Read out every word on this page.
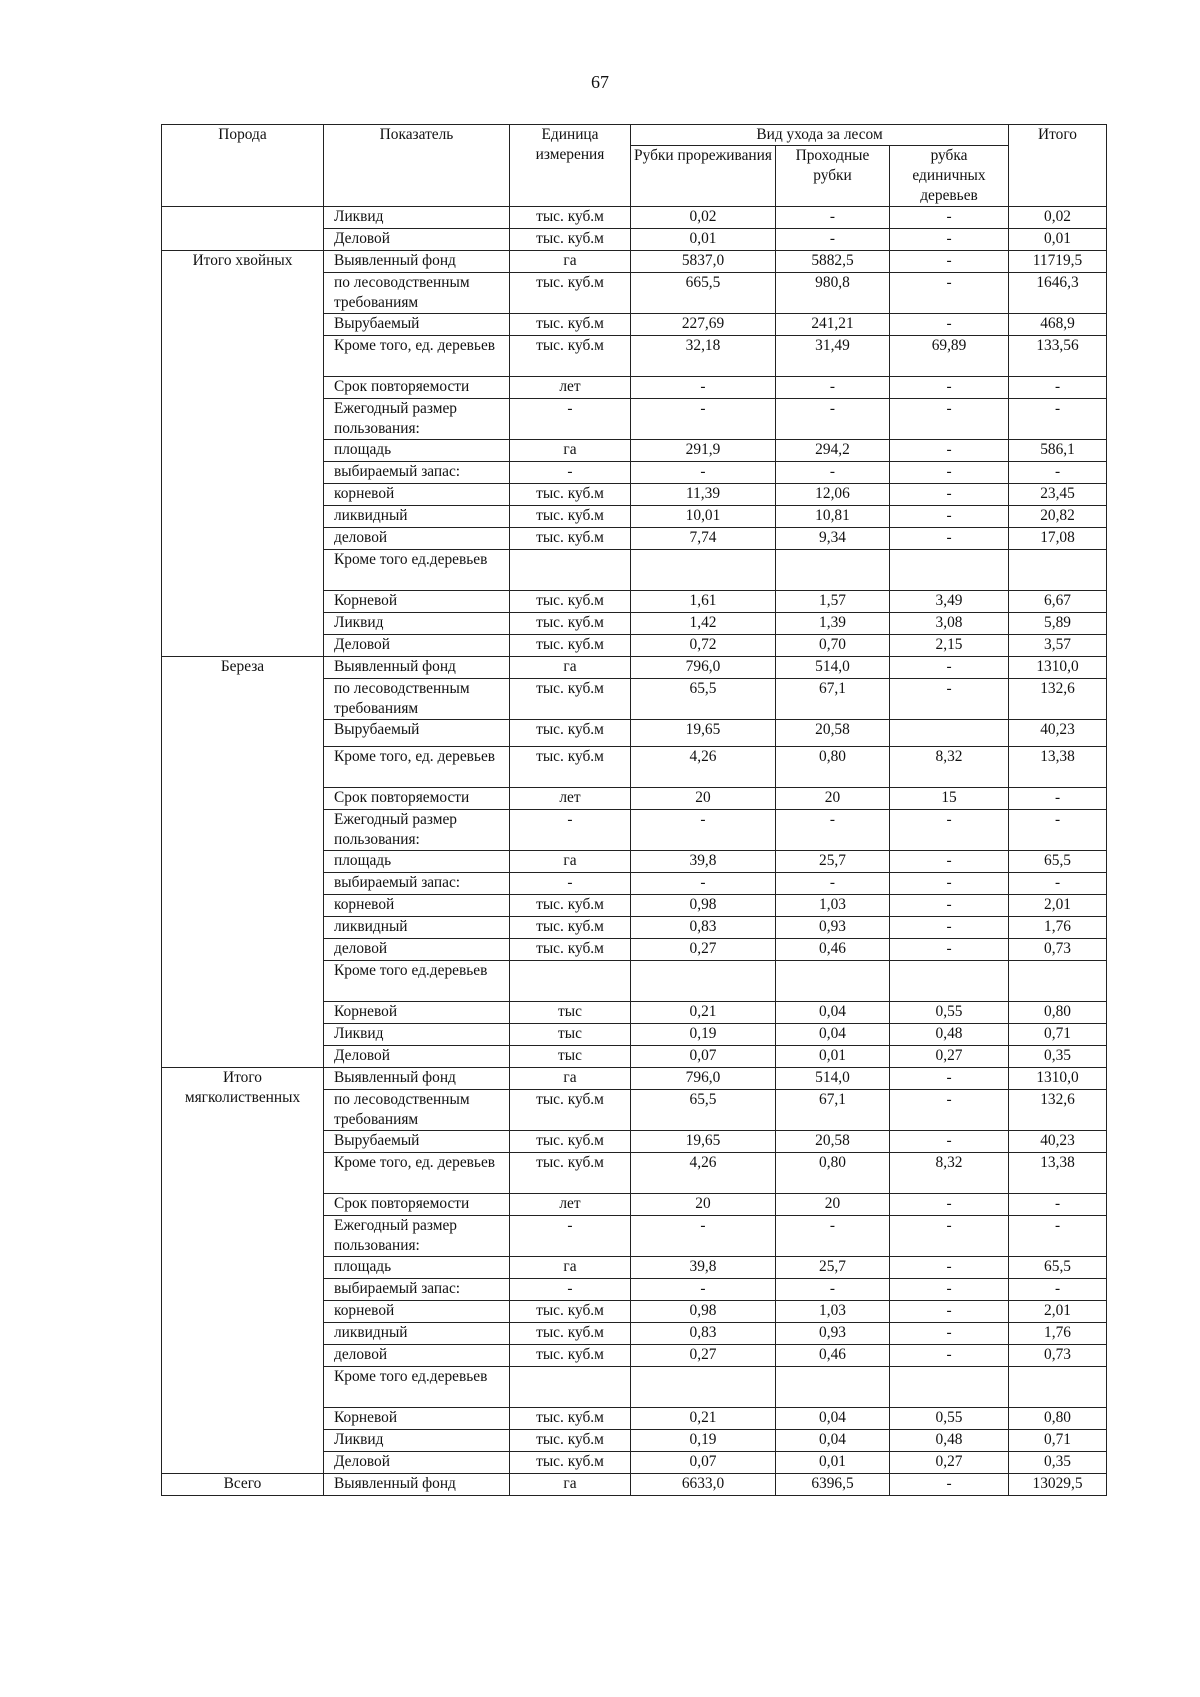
67
Порода	Показатель	Единица измерения	Вид ухода за лесом			Итого
			Рубки прореживания	Проходные рубки	рубка единичных деревьев	
	Ликвид	тыс. куб.м	0,02	-	-	0,02
	Деловой	тыс. куб.м	0,01	-	-	0,01
Итого хвойных	Выявленный фонд	га	5837,0	5882,5	-	11719,5
	по лесоводственным требованиям	тыс. куб.м	665,5	980,8	-	1646,3
	Вырубаемый	тыс. куб.м	227,69	241,21	-	468,9
	Кроме того, ед. деревьев	тыс. куб.м	32,18	31,49	69,89	133,56
	Срок повторяемости	лет	-	-	-	-
	Ежегодный размер пользования:	-	-	-	-	-
	площадь	га	291,9	294,2	-	586,1
	выбираемый запас:	-	-	-	-	-
	корневой	тыс. куб.м	11,39	12,06	-	23,45
	ликвидный	тыс. куб.м	10,01	10,81	-	20,82
	деловой	тыс. куб.м	7,74	9,34	-	17,08
	Кроме того ед.деревьев					
	Корневой	тыс. куб.м	1,61	1,57	3,49	6,67
	Ликвид	тыс. куб.м	1,42	1,39	3,08	5,89
	Деловой	тыс. куб.м	0,72	0,70	2,15	3,57
Береза	Выявленный фонд	га	796,0	514,0	-	1310,0
	по лесоводственным требованиям	тыс. куб.м	65,5	67,1	-	132,6
	Вырубаемый	тыс. куб.м	19,65	20,58		40,23
	Кроме того, ед. деревьев	тыс. куб.м	4,26	0,80	8,32	13,38
	Срок повторяемости	лет	20	20	15	-
	Ежегодный размер пользования:	-	-	-	-	-
	площадь	га	39,8	25,7	-	65,5
	выбираемый запас:	-	-	-	-	-
	корневой	тыс. куб.м	0,98	1,03	-	2,01
	ликвидный	тыс. куб.м	0,83	0,93	-	1,76
	деловой	тыс. куб.м	0,27	0,46	-	0,73
	Кроме того ед.деревьев					
	Корневой	тыс	0,21	0,04	0,55	0,80
	Ликвид	тыс	0,19	0,04	0,48	0,71
	Деловой	тыс	0,07	0,01	0,27	0,35
Итого мягколиственных	Выявленный фонд	га	796,0	514,0	-	1310,0
	по лесоводственным требованиям	тыс. куб.м	65,5	67,1	-	132,6
	Вырубаемый	тыс. куб.м	19,65	20,58	-	40,23
	Кроме того, ед. деревьев	тыс. куб.м	4,26	0,80	8,32	13,38
	Срок повторяемости	лет	20	20	-	-
	Ежегодный размер пользования:	-	-	-	-	-
	площадь	га	39,8	25,7	-	65,5
	выбираемый запас:	-	-	-	-	-
	корневой	тыс. куб.м	0,98	1,03	-	2,01
	ликвидный	тыс. куб.м	0,83	0,93	-	1,76
	деловой	тыс. куб.м	0,27	0,46	-	0,73
	Кроме того ед.деревьев					
	Корневой	тыс. куб.м	0,21	0,04	0,55	0,80
	Ликвид	тыс. куб.м	0,19	0,04	0,48	0,71
	Деловой	тыс. куб.м	0,07	0,01	0,27	0,35
Всего	Выявленный фонд	га	6633,0	6396,5	-	13029,5
